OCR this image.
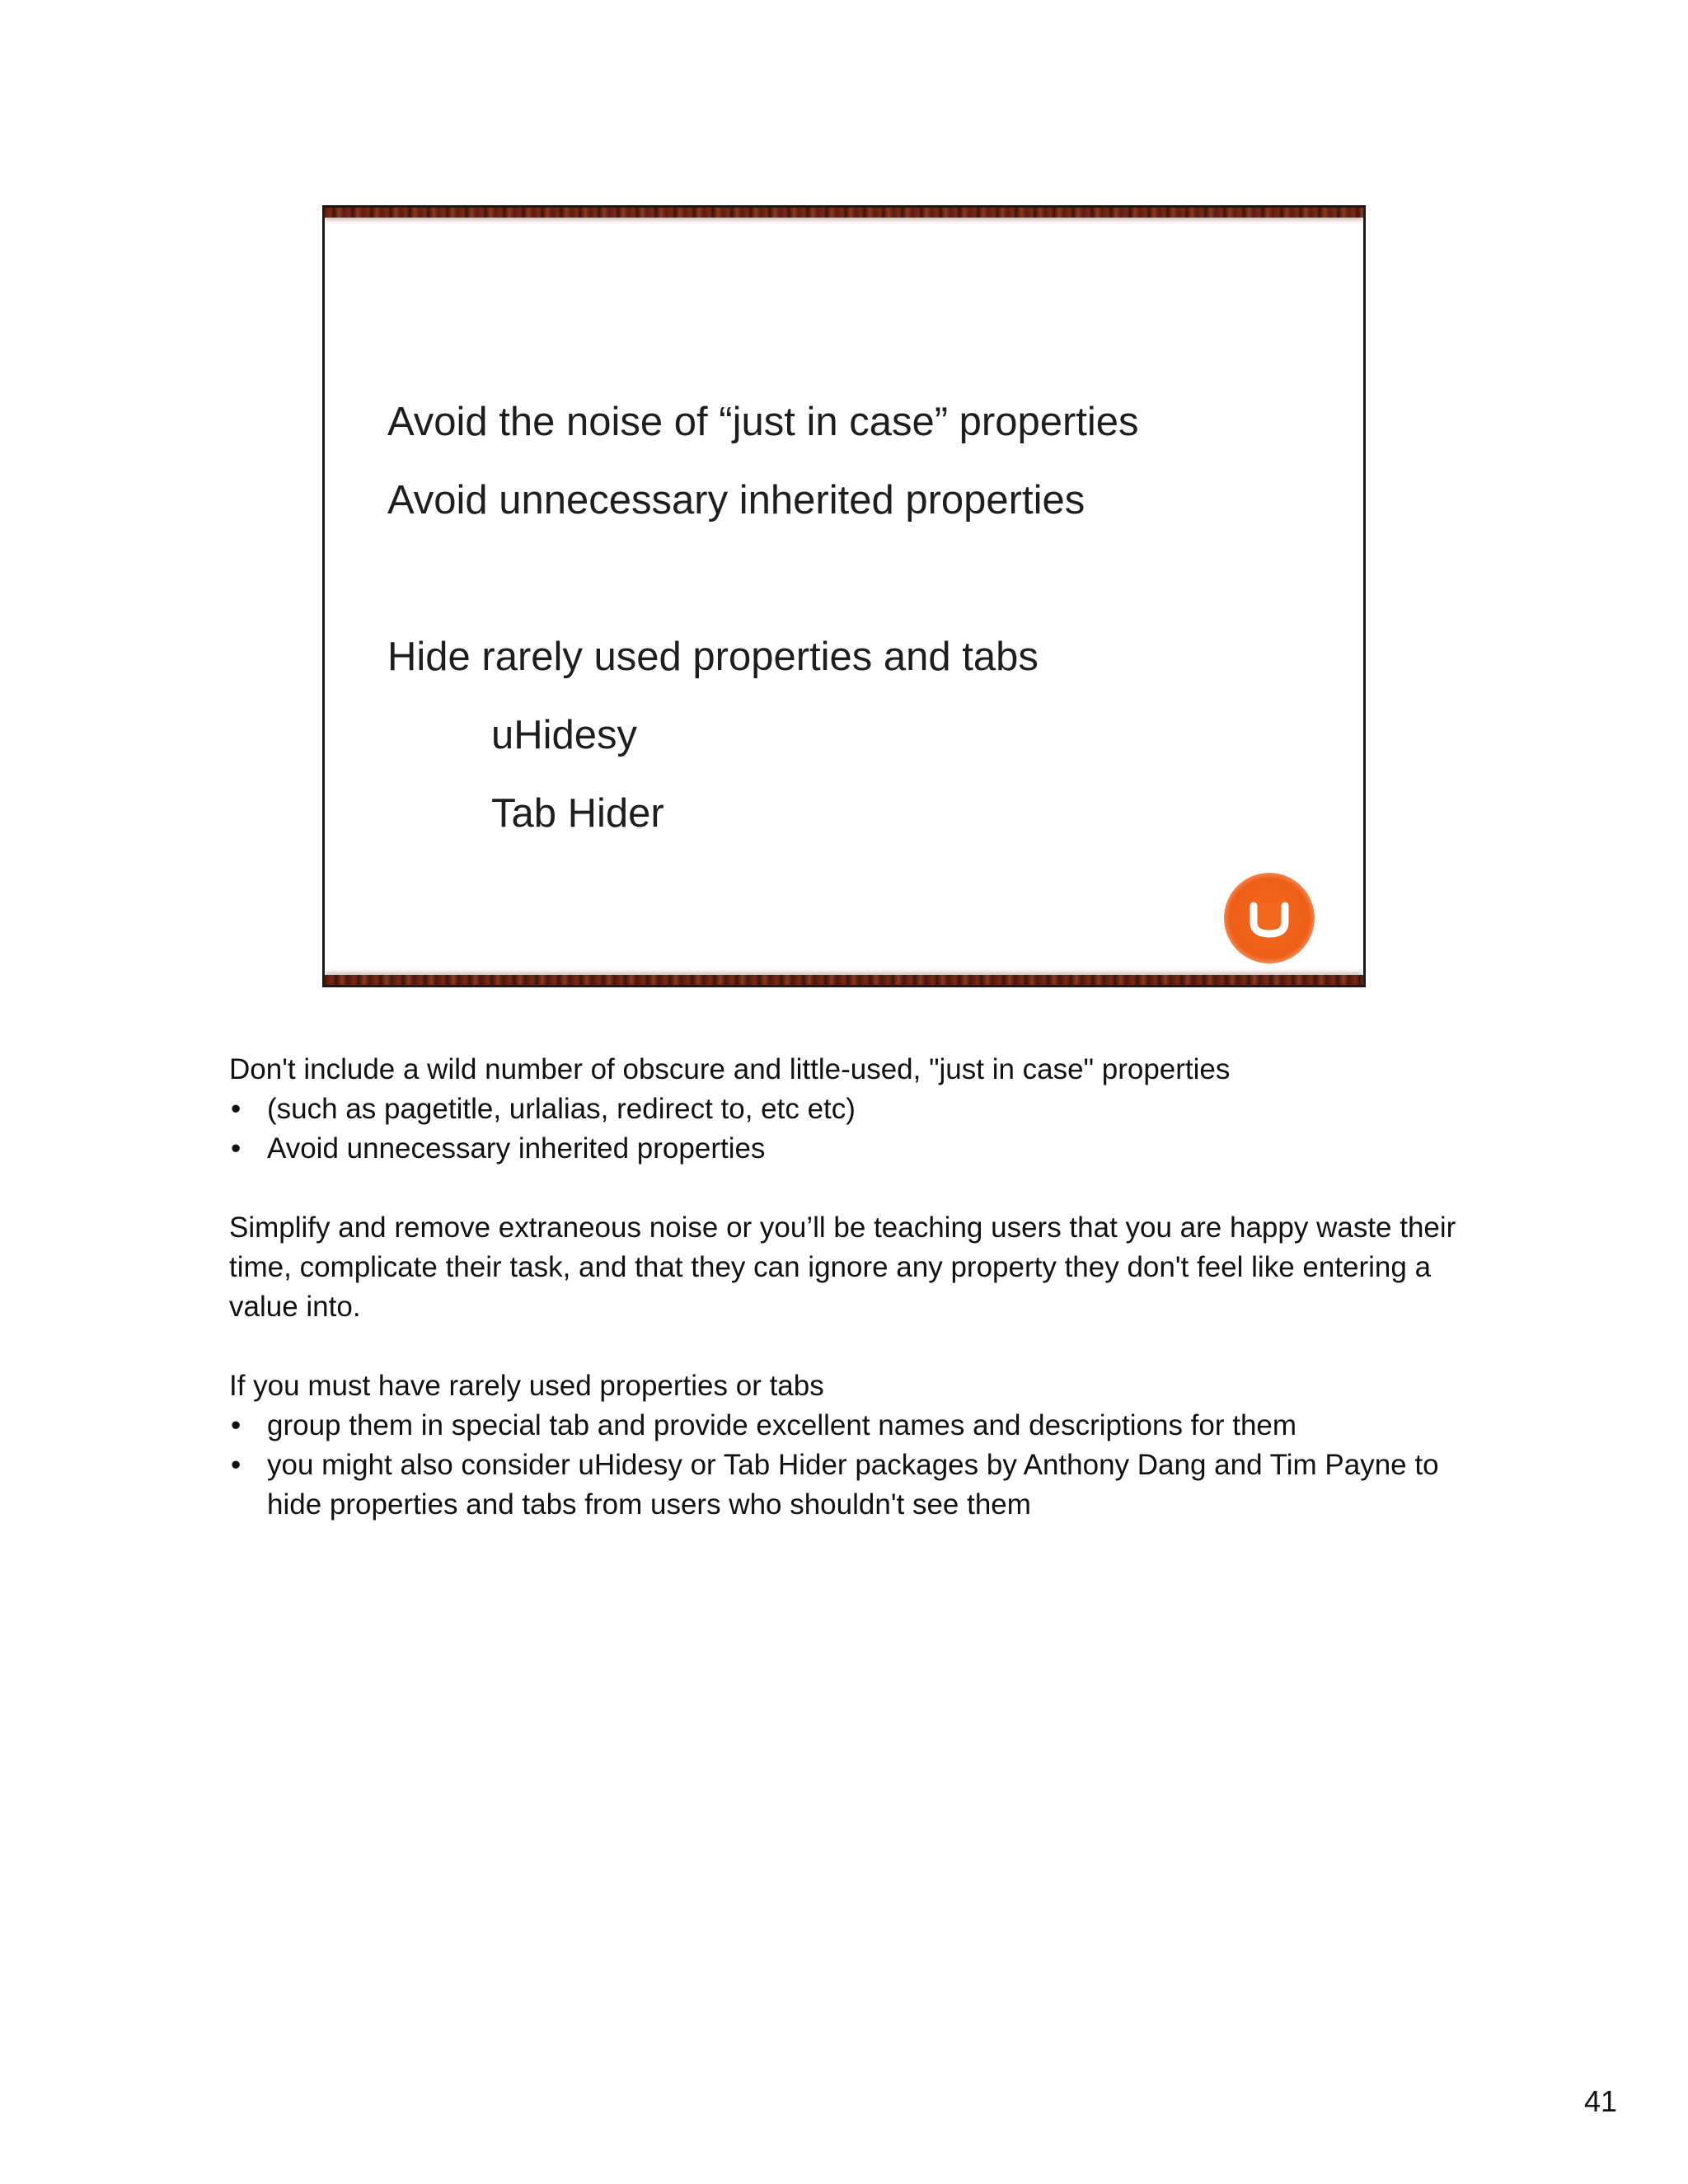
Avoid the noise of “just in case” properties
Avoid unnecessary inherited properties
Hide rarely used properties and tabs
uHidesy
Tab Hider

Don't include a wild number of obscure and little-used, "just in case" properties

• (such as pagetitle, urlalias, redirect to, etc etc)
• Avoid unnecessary inherited properties

Simplify and remove extraneous noise or you’ll be teaching users that you are happy waste their time, complicate their task, and that they can ignore any property they don't feel like entering a value into.

If you must have rarely used properties or tabs

• group them in special tab and provide excellent names and descriptions for them
• you might also consider uHidesy or Tab Hider packages by Anthony Dang and Tim Payne to hide properties and tabs from users who shouldn't see them
41
